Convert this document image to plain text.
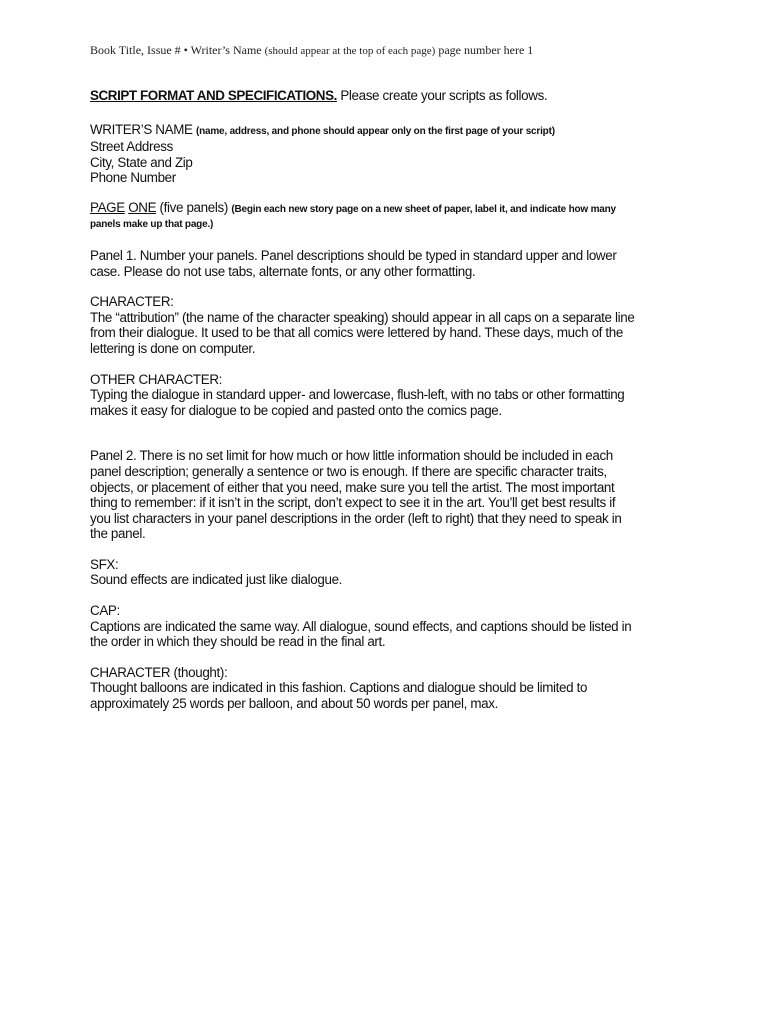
Book Title, Issue # • Writer’s Name (should appear at the top of each page) page number here 1

SCRIPT FORMAT AND SPECIFICATIONS. Please create your scripts as follows.

WRITER’S NAME (name, address, and phone should appear only on the first page of your script)
Street Address
City, State and Zip
Phone Number

PAGE ONE (five panels) (Begin each new story page on a new sheet of paper, label it, and indicate how many panels make up that page.)

Panel 1. Number your panels. Panel descriptions should be typed in standard upper and lower case. Please do not use tabs, alternate fonts, or any other formatting.

CHARACTER:
The “attribution” (the name of the character speaking) should appear in all caps on a separate line from their dialogue. It used to be that all comics were lettered by hand. These days, much of the lettering is done on computer.

OTHER CHARACTER:
Typing the dialogue in standard upper- and lowercase, flush-left, with no tabs or other formatting makes it easy for dialogue to be copied and pasted onto the comics page.

Panel 2. There is no set limit for how much or how little information should be included in each panel description; generally a sentence or two is enough. If there are specific character traits, objects, or placement of either that you need, make sure you tell the artist. The most important thing to remember: if it isn’t in the script, don’t expect to see it in the art. You’ll get best results if you list characters in your panel descriptions in the order (left to right) that they need to speak in the panel.

SFX:
Sound effects are indicated just like dialogue.

CAP:
Captions are indicated the same way. All dialogue, sound effects, and captions should be listed in the order in which they should be read in the final art.

CHARACTER (thought):
Thought balloons are indicated in this fashion. Captions and dialogue should be limited to approximately 25 words per balloon, and about 50 words per panel, max.
